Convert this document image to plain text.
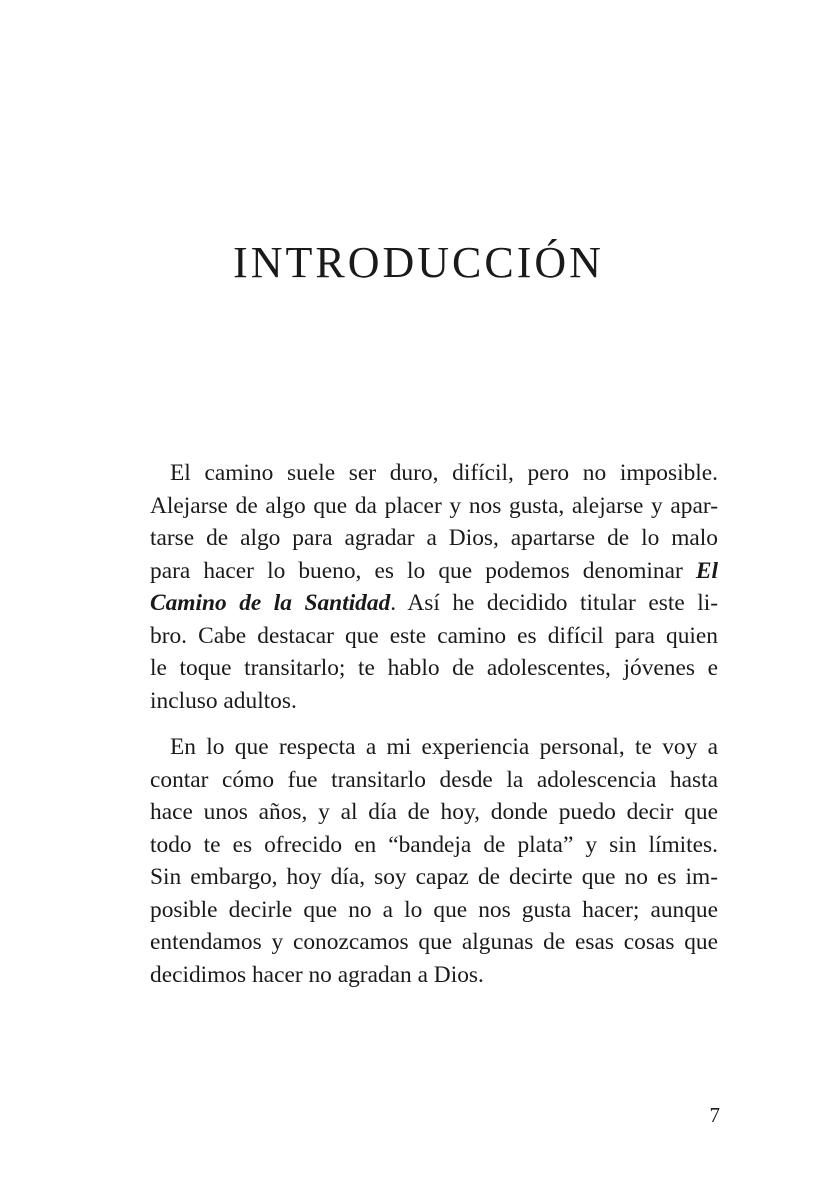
INTRODUCCIÓN

El camino suele ser duro, difícil, pero no imposible.
Alejarse de algo que da placer y nos gusta, alejarse y apar-
tarse de algo para agradar a Dios, apartarse de lo malo
para hacer lo bueno, es lo que podemos denominar El
Camino de la Santidad. Así he decidido titular este li-
bro. Cabe destacar que este camino es difícil para quien
le toque transitarlo; te hablo de adolescentes, jóvenes e
incluso adultos.

En lo que respecta a mi experiencia personal, te voy a
contar cómo fue transitarlo desde la adolescencia hasta
hace unos años, y al día de hoy, donde puedo decir que
todo te es ofrecido en “bandeja de plata” y sin límites.
Sin embargo, hoy día, soy capaz de decirte que no es im-
posible decirle que no a lo que nos gusta hacer; aunque
entendamos y conozcamos que algunas de esas cosas que
decidimos hacer no agradan a Dios.

7
